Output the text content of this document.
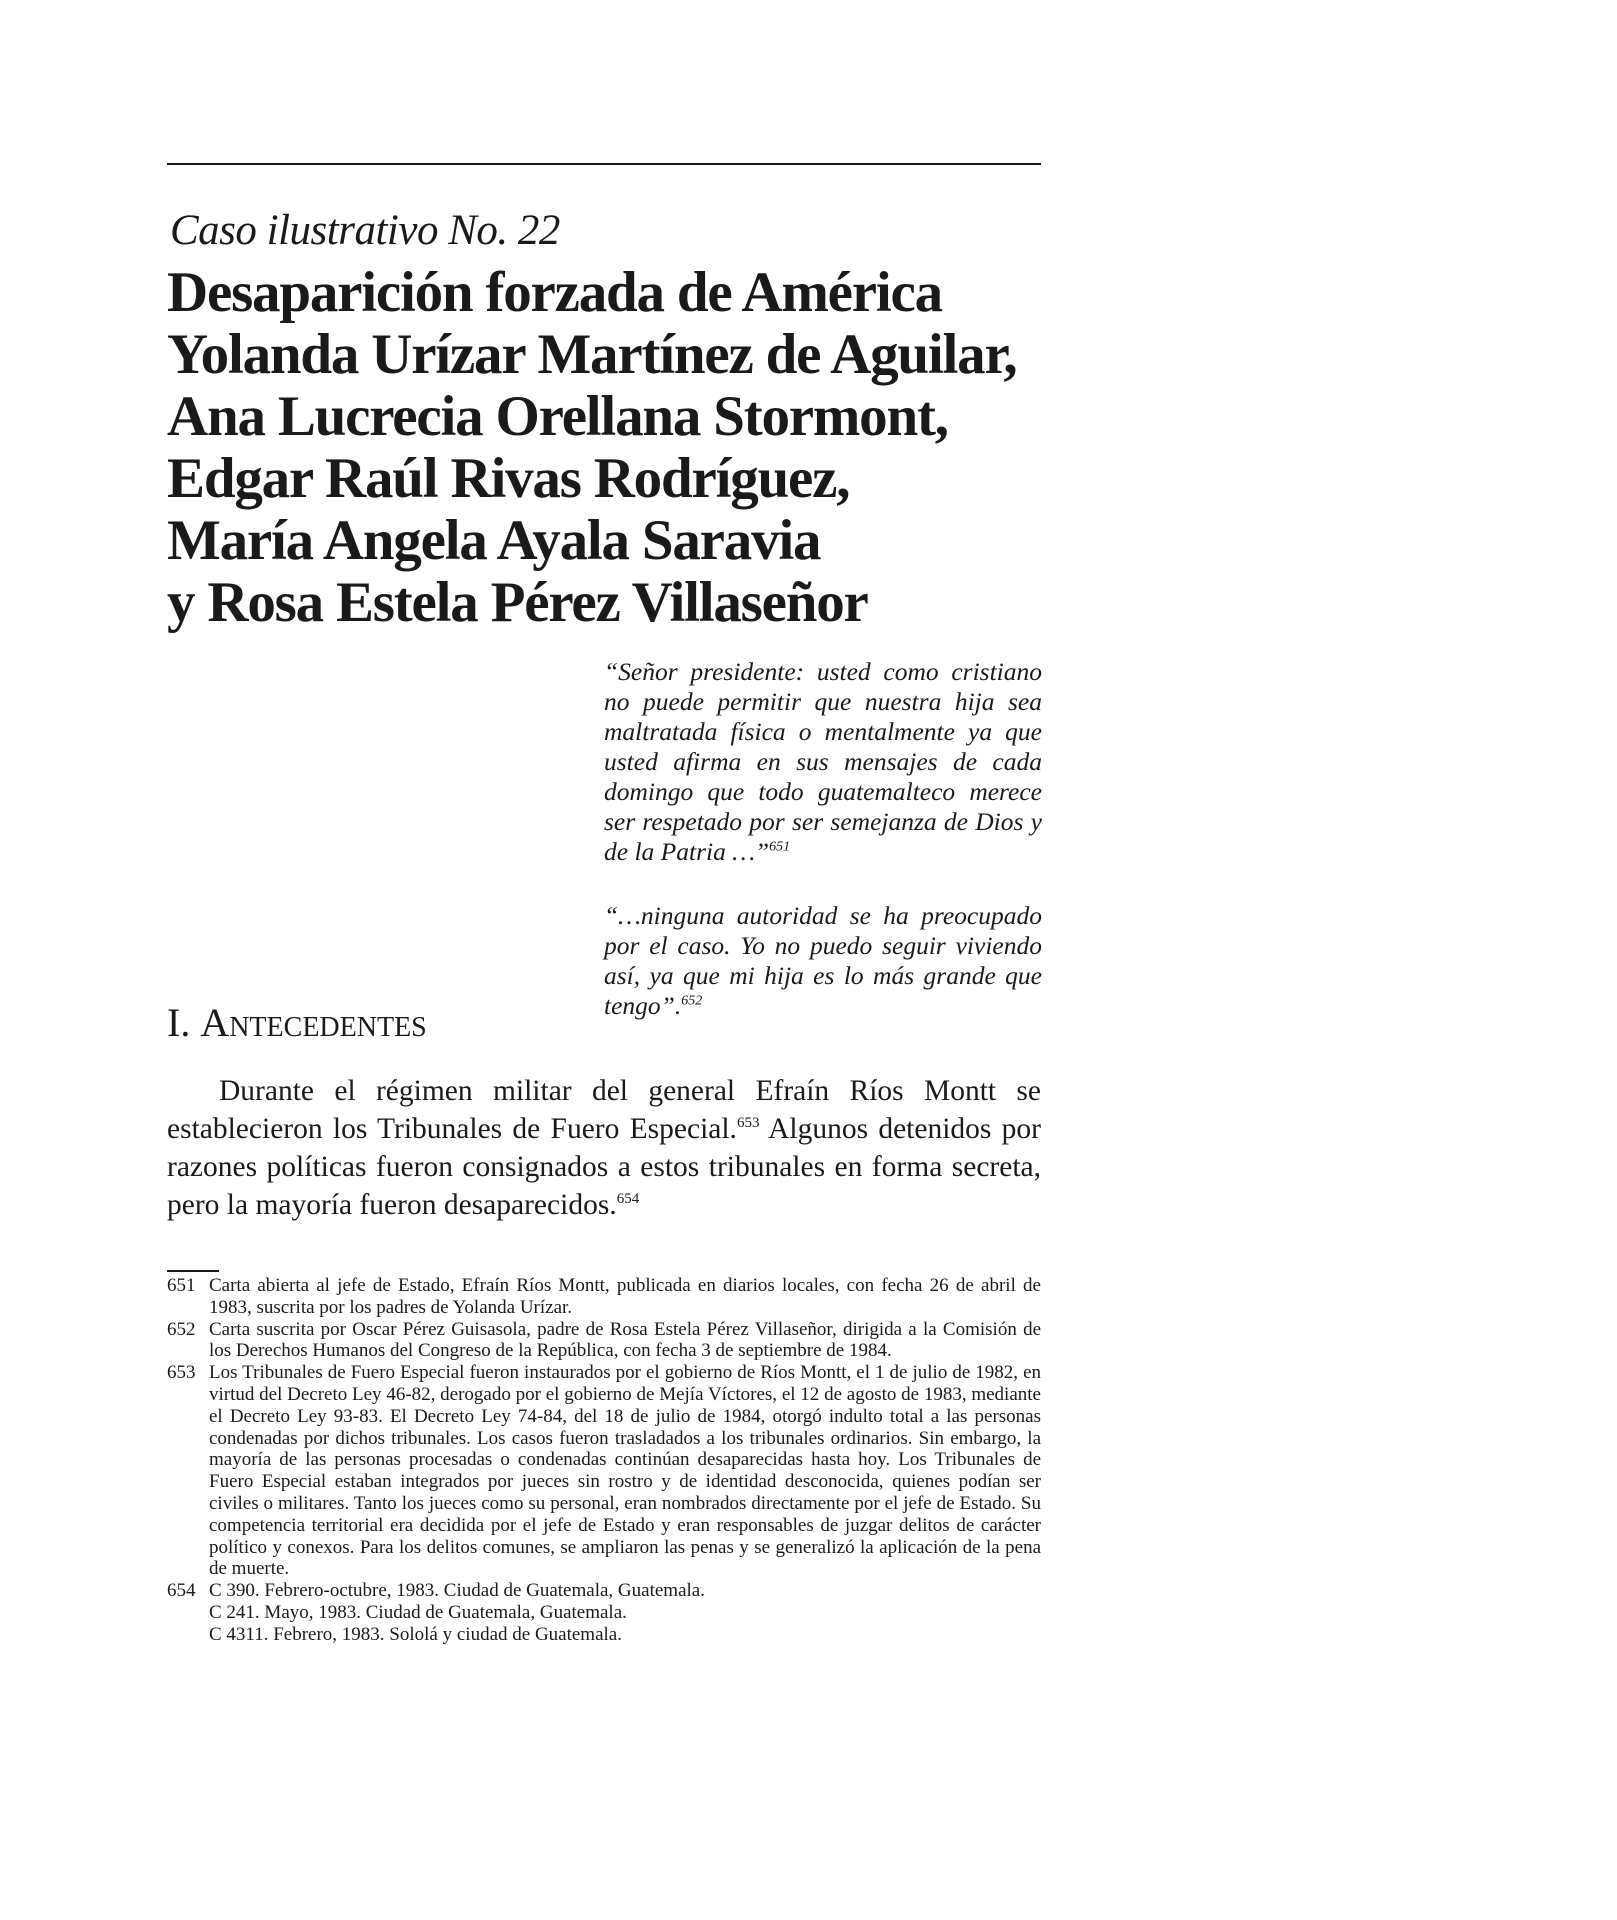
Caso ilustrativo No. 22
Desaparición forzada de América
Yolanda Urízar Martínez de Aguilar,
Ana Lucrecia Orellana Stormont,
Edgar Raúl Rivas Rodríguez,
María Angela Ayala Saravia
y Rosa Estela Pérez Villaseñor

“Señor presidente: usted como cristiano no puede permitir que nuestra hija sea maltratada física o mentalmente ya que usted afirma en sus mensajes de cada domingo que todo guatemalteco merece ser respetado por ser semejanza de Dios y de la Patria …”$^{651}$

“…ninguna autoridad se ha preocupado por el caso. Yo no puedo seguir viviendo así, ya que mi hija es lo más grande que tengo”.$^{652}$

I. Antecedentes

Durante el régimen militar del general Efraín Ríos Montt se establecieron los Tribunales de Fuero Especial.$^{653}$ Algunos detenidos por razones políticas fueron consignados a estos tribunales en forma secreta, pero la mayoría fueron desaparecidos.$^{654}$

651 Carta abierta al jefe de Estado, Efraín Ríos Montt, publicada en diarios locales, con fecha 26 de abril de 1983, suscrita por los padres de Yolanda Urízar.
652 Carta suscrita por Oscar Pérez Guisasola, padre de Rosa Estela Pérez Villaseñor, dirigida a la Comisión de los Derechos Humanos del Congreso de la República, con fecha 3 de septiembre de 1984.
653 Los Tribunales de Fuero Especial fueron instaurados por el gobierno de Ríos Montt, el 1 de julio de 1982, en virtud del Decreto Ley 46-82, derogado por el gobierno de Mejía Víctores, el 12 de agosto de 1983, mediante el Decreto Ley 93-83. El Decreto Ley 74-84, del 18 de julio de 1984, otorgó indulto total a las personas condenadas por dichos tribunales. Los casos fueron trasladados a los tribunales ordinarios. Sin embargo, la mayoría de las personas procesadas o condenadas continúan desaparecidas hasta hoy. Los Tribunales de Fuero Especial estaban integrados por jueces sin rostro y de identidad desconocida, quienes podían ser civiles o militares. Tanto los jueces como su personal, eran nombrados directamente por el jefe de Estado. Su competencia territorial era decidida por el jefe de Estado y eran responsables de juzgar delitos de carácter político y conexos. Para los delitos comunes, se ampliaron las penas y se generalizó la aplicación de la pena de muerte.
654 C 390. Febrero-octubre, 1983. Ciudad de Guatemala, Guatemala.
C 241. Mayo, 1983. Ciudad de Guatemala, Guatemala.
C 4311. Febrero, 1983. Sololá y ciudad de Guatemala.
